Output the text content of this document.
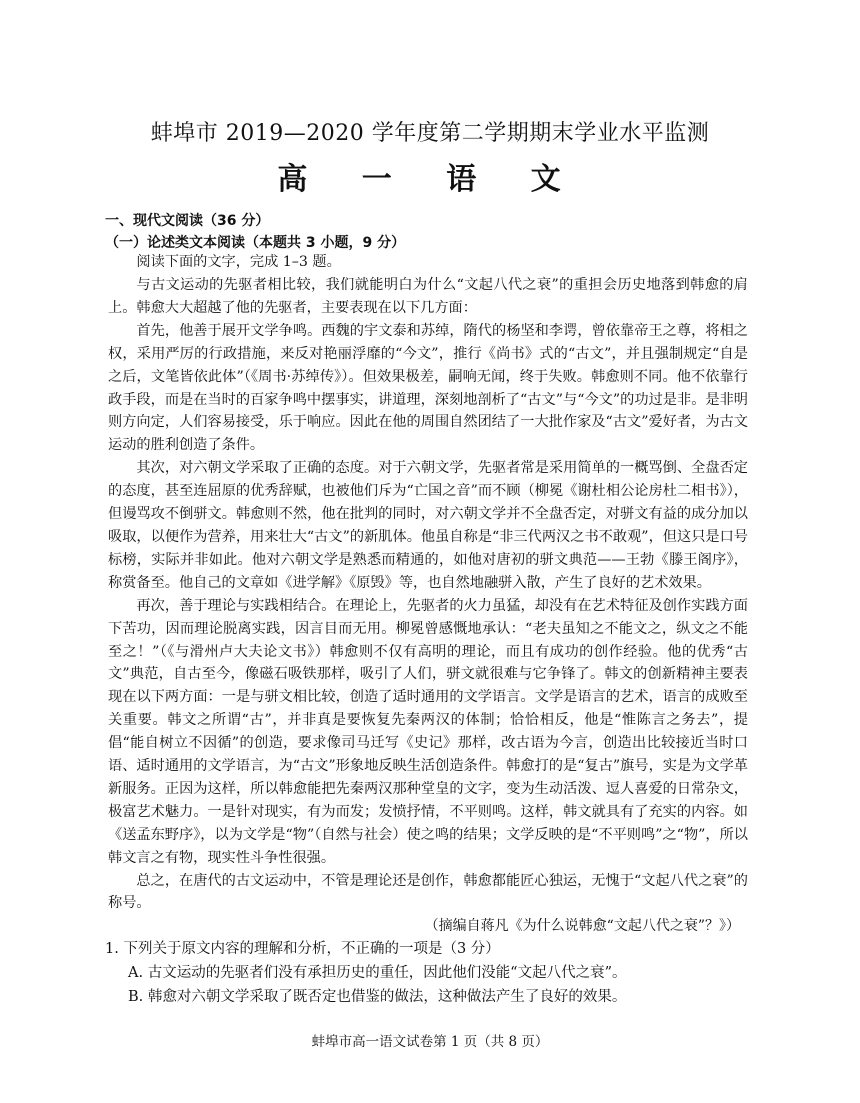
蚌埠市 2019—2020 学年度第二学期期末学业水平监测
高 一 语 文
一、现代文阅读（36 分）
（一）论述类文本阅读（本题共 3 小题，9 分）

阅读下面的文字，完成 1–3 题。

与古文运动的先驱者相比较，我们就能明白为什么“文起八代之衰”的重担会历史地落到韩愈的肩上。韩愈大大超越了他的先驱者，主要表现在以下几方面：

首先，他善于展开文学争鸣。西魏的宇文泰和苏绰，隋代的杨坚和李谔，曾依靠帝王之尊，将相之权，采用严厉的行政措施，来反对艳丽浮靡的“今文”，推行《尚书》式的“古文”，并且强制规定“自是之后，文笔皆依此体”（《周书·苏绰传》）。但效果极差，嗣响无闻，终于失败。韩愈则不同。他不依靠行政手段，而是在当时的百家争鸣中摆事实，讲道理，深刻地剖析了“古文”与“今文”的功过是非。是非明则方向定，人们容易接受，乐于响应。因此在他的周围自然团结了一大批作家及“古文”爱好者，为古文运动的胜利创造了条件。

其次，对六朝文学采取了正确的态度。对于六朝文学，先驱者常是采用简单的一概骂倒、全盘否定的态度，甚至连屈原的优秀辞赋，也被他们斥为“亡国之音”而不顾（柳冕《谢杜相公论房杜二相书》），但谩骂攻不倒骈文。韩愈则不然，他在批判的同时，对六朝文学并不全盘否定，对骈文有益的成分加以吸取，以便作为营养，用来壮大“古文”的新肌体。他虽自称是“非三代两汉之书不敢观”，但这只是口号标榜，实际并非如此。他对六朝文学是熟悉而精通的，如他对唐初的骈文典范——王勃《滕王阁序》，称赏备至。他自己的文章如《进学解》《原毁》等，也自然地融骈入散，产生了良好的艺术效果。

再次，善于理论与实践相结合。在理论上，先驱者的火力虽猛，却没有在艺术特征及创作实践方面下苦功，因而理论脱离实践，因言目而无用。柳冕曾感慨地承认：“老夫虽知之不能文之，纵文之不能至之！”（《与滑州卢大夫论文书》）韩愈则不仅有高明的理论，而且有成功的创作经验。他的优秀“古文”典范，自古至今，像磁石吸铁那样，吸引了人们，骈文就很难与它争锋了。韩文的创新精神主要表现在以下两方面：一是与骈文相比较，创造了适时通用的文学语言。文学是语言的艺术，语言的成败至关重要。韩文之所谓“古”，并非真是要恢复先秦两汉的体制；恰恰相反，他是“惟陈言之务去”，提倡“能自树立不因循”的创造，要求像司马迁写《史记》那样，改古语为今言，创造出比较接近当时口语、适时通用的文学语言，为“古文”形象地反映生活创造条件。韩愈打的是“复古”旗号，实是为文学革新服务。正因为这样，所以韩愈能把先秦两汉那种堂皇的文字，变为生动活泼、逗人喜爱的日常杂文，极富艺术魅力。一是针对现实，有为而发；发愤抒情，不平则鸣。这样，韩文就具有了充实的内容。如《送孟东野序》，以为文学是“物”（自然与社会）使之鸣的结果；文学反映的是“不平则鸣”之“物”，所以韩文言之有物，现实性斗争性很强。

总之，在唐代的古文运动中，不管是理论还是创作，韩愈都能匠心独运，无愧于“文起八代之衰”的称号。

（摘编自蒋凡《为什么说韩愈“文起八代之衰”？》）
1. 下列关于原文内容的理解和分析，不正确的一项是（3 分）
A. 古文运动的先驱者们没有承担历史的重任，因此他们没能“文起八代之衰”。
B. 韩愈对六朝文学采取了既否定也借鉴的做法，这种做法产生了良好的效果。
蚌埠市高一语文试卷第 1 页（共 8 页）
